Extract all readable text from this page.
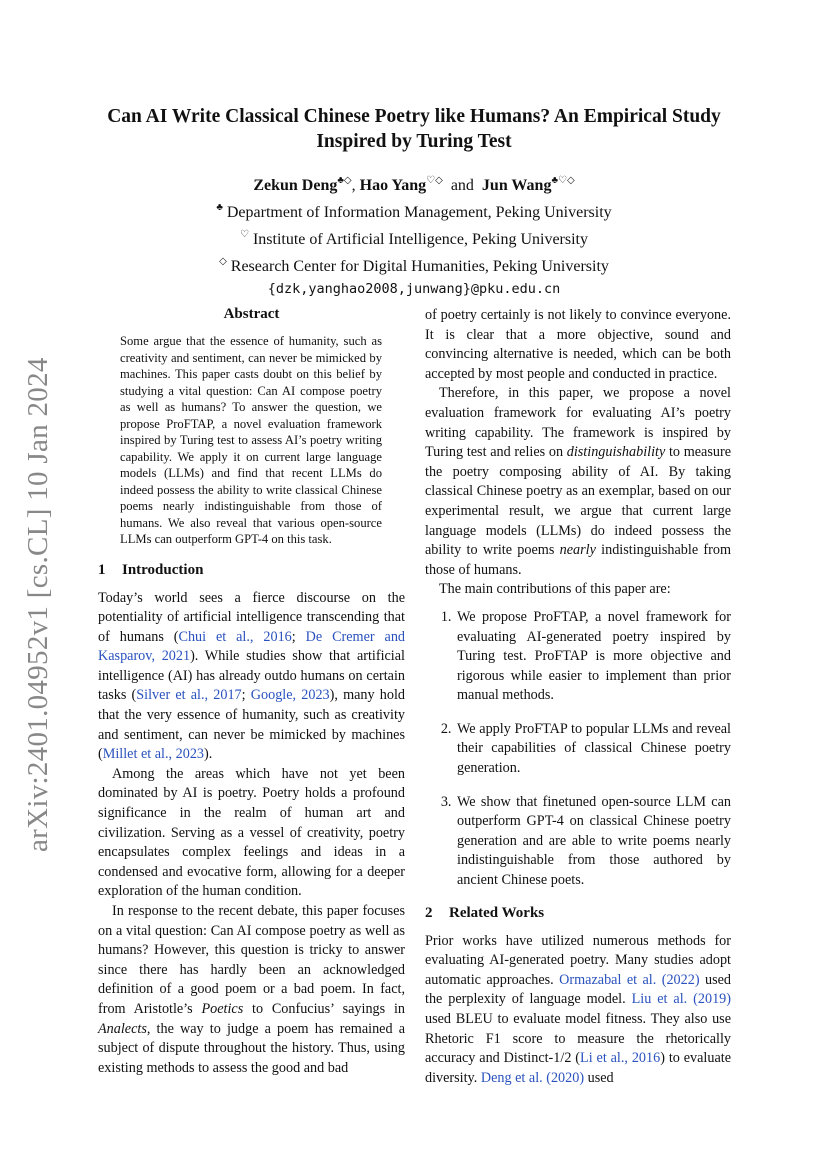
arXiv:2401.04952v1 [cs.CL] 10 Jan 2024
Can AI Write Classical Chinese Poetry like Humans? An Empirical Study
Inspired by Turing Test
Zekun Deng♣◇, Hao Yang♡◇ and Jun Wang♣♡◇
♣ Department of Information Management, Peking University
♡ Institute of Artificial Intelligence, Peking University
◇ Research Center for Digital Humanities, Peking University
{dzk,yanghao2008,junwang}@pku.edu.cn
Abstract
Some argue that the essence of humanity, such as creativity and sentiment, can never be mimicked by machines. This paper casts doubt on this belief by studying a vital question: Can AI compose poetry as well as humans? To answer the question, we propose ProFTAP, a novel evaluation framework inspired by Turing test to assess AI’s poetry writing capability. We apply it on current large language models (LLMs) and find that recent LLMs do indeed possess the ability to write classical Chinese poems nearly indistinguishable from those of humans. We also reveal that various open-source LLMs can outperform GPT-4 on this task.
1 Introduction

Today’s world sees a fierce discourse on the potentiality of artificial intelligence transcending that of humans (Chui et al., 2016; De Cremer and Kasparov, 2021). While studies show that artificial intelligence (AI) has already outdo humans on certain tasks (Silver et al., 2017; Google, 2023), many hold that the very essence of humanity, such as creativity and sentiment, can never be mimicked by machines (Millet et al., 2023).

Among the areas which have not yet been dominated by AI is poetry. Poetry holds a profound significance in the realm of human art and civilization. Serving as a vessel of creativity, poetry encapsulates complex feelings and ideas in a condensed and evocative form, allowing for a deeper exploration of the human condition.

In response to the recent debate, this paper focuses on a vital question: Can AI compose poetry as well as humans? However, this question is tricky to answer since there has hardly been an acknowledged definition of a good poem or a bad poem. In fact, from Aristotle’s Poetics to Confucius’ sayings in Analects, the way to judge a poem has remained a subject of dispute throughout the history. Thus, using existing methods to assess the good and bad

of poetry certainly is not likely to convince everyone. It is clear that a more objective, sound and convincing alternative is needed, which can be both accepted by most people and conducted in practice.

Therefore, in this paper, we propose a novel evaluation framework for evaluating AI’s poetry writing capability. The framework is inspired by Turing test and relies on distinguishability to measure the poetry composing ability of AI. By taking classical Chinese poetry as an exemplar, based on our experimental result, we argue that current large language models (LLMs) do indeed possess the ability to write poems nearly indistinguishable from those of humans.

The main contributions of this paper are:

1. We propose ProFTAP, a novel framework for evaluating AI-generated poetry inspired by Turing test. ProFTAP is more objective and rigorous while easier to implement than prior manual methods.
2. We apply ProFTAP to popular LLMs and reveal their capabilities of classical Chinese poetry generation.
3. We show that finetuned open-source LLM can outperform GPT-4 on classical Chinese poetry generation and are able to write poems nearly indistinguishable from those authored by ancient Chinese poets.
2 Related Works

Prior works have utilized numerous methods for evaluating AI-generated poetry. Many studies adopt automatic approaches. Ormazabal et al. (2022) used the perplexity of language model. Liu et al. (2019) used BLEU to evaluate model fitness. They also use Rhetoric F1 score to measure the rhetorically accuracy and Distinct-1/2 (Li et al., 2016) to evaluate diversity. Deng et al. (2020) used
